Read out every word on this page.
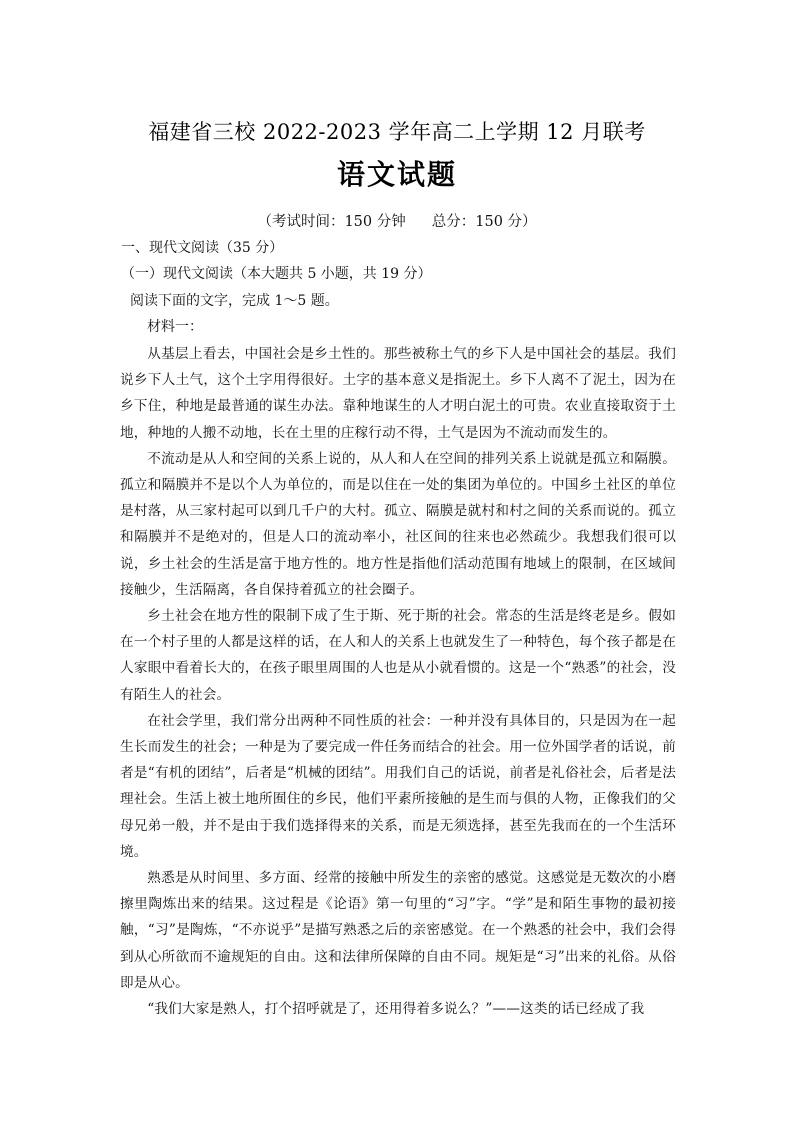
福建省三校 2022-2023 学年高二上学期 12 月联考
语文试题
（考试时间：150 分钟 总分：150 分）
一、现代文阅读（35 分）
（一）现代文阅读（本大题共 5 小题，共 19 分）
阅读下面的文字，完成 1～5 题。
材料一：

从基层上看去，中国社会是乡土性的。那些被称土气的乡下人是中国社会的基层。我们说乡下人土气，这个土字用得很好。土字的基本意义是指泥土。乡下人离不了泥土，因为在乡下住，种地是最普通的谋生办法。靠种地谋生的人才明白泥土的可贵。农业直接取资于土地，种地的人搬不动地，长在土里的庄稼行动不得，土气是因为不流动而发生的。

不流动是从人和空间的关系上说的，从人和人在空间的排列关系上说就是孤立和隔膜。孤立和隔膜并不是以个人为单位的，而是以住在一处的集团为单位的。中国乡土社区的单位是村落，从三家村起可以到几千户的大村。孤立、隔膜是就村和村之间的关系而说的。孤立和隔膜并不是绝对的，但是人口的流动率小，社区间的往来也必然疏少。我想我们很可以说，乡土社会的生活是富于地方性的。地方性是指他们活动范围有地域上的限制，在区域间接触少，生活隔离，各自保持着孤立的社会圈子。

乡土社会在地方性的限制下成了生于斯、死于斯的社会。常态的生活是终老是乡。假如在一个村子里的人都是这样的话，在人和人的关系上也就发生了一种特色，每个孩子都是在人家眼中看着长大的，在孩子眼里周围的人也是从小就看惯的。这是一个“熟悉”的社会，没有陌生人的社会。

在社会学里，我们常分出两种不同性质的社会：一种并没有具体目的，只是因为在一起生长而发生的社会；一种是为了要完成一件任务而结合的社会。用一位外国学者的话说，前者是“有机的团结”，后者是“机械的团结”。用我们自己的话说，前者是礼俗社会，后者是法理社会。生活上被土地所囿住的乡民，他们平素所接触的是生而与俱的人物，正像我们的父母兄弟一般，并不是由于我们选择得来的关系，而是无须选择，甚至先我而在的一个生活环境。

熟悉是从时间里、多方面、经常的接触中所发生的亲密的感觉。这感觉是无数次的小磨擦里陶炼出来的结果。这过程是《论语》第一句里的“习”字。“学”是和陌生事物的最初接触，“习”是陶炼，“不亦说乎”是描写熟悉之后的亲密感觉。在一个熟悉的社会中，我们会得到从心所欲而不逾规矩的自由。这和法律所保障的自由不同。规矩是“习”出来的礼俗。从俗即是从心。

“我们大家是熟人，打个招呼就是了，还用得着多说么？”——这类的话已经成了我
